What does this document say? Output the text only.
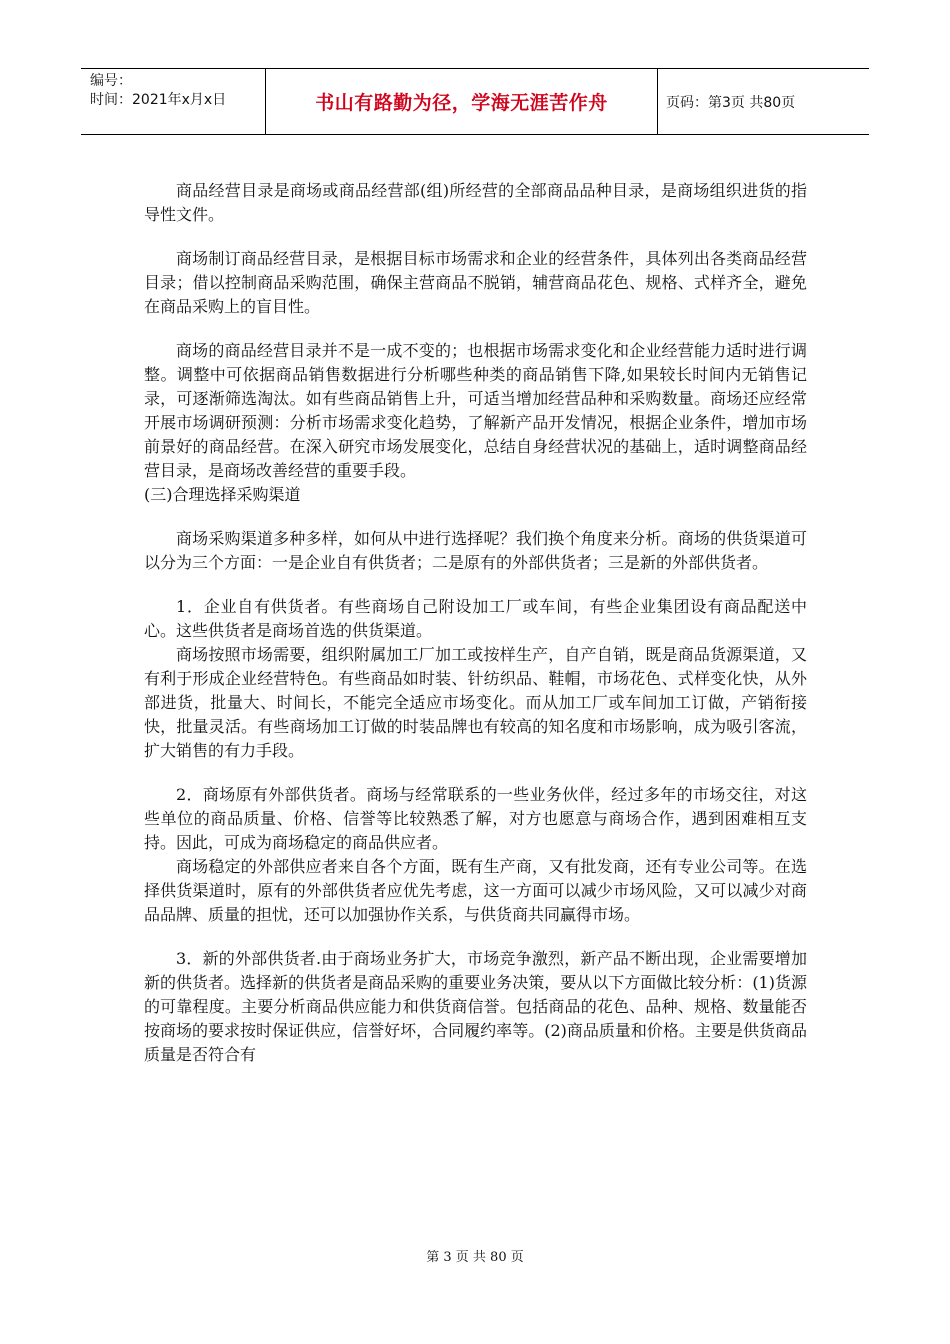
编号：
时间：2021年x月x日	书山有路勤为径，学海无涯苦作舟	页码：第3页 共80页

商品经营目录是商场或商品经营部(组)所经营的全部商品品种目录，是商场组织进货的指导性文件。

商场制订商品经营目录，是根据目标市场需求和企业的经营条件，具体列出各类商品经营目录；借以控制商品采购范围，确保主营商品不脱销，辅营商品花色、规格、式样齐全，避免在商品采购上的盲目性。

商场的商品经营目录并不是一成不变的；也根据市场需求变化和企业经营能力适时进行调整。调整中可依据商品销售数据进行分析哪些种类的商品销售下降,如果较长时间内无销售记录，可逐渐筛选淘汰。如有些商品销售上升，可适当增加经营品种和采购数量。商场还应经常开展市场调研预测：分析市场需求变化趋势，了解新产品开发情况，根据企业条件，增加市场前景好的商品经营。在深入研究市场发展变化，总结自身经营状况的基础上，适时调整商品经营目录，是商场改善经营的重要手段。

(三)合理选择采购渠道

商场采购渠道多种多样，如何从中进行选择呢？我们换个角度来分析。商场的供货渠道可以分为三个方面：一是企业自有供货者；二是原有的外部供货者；三是新的外部供货者。

1．企业自有供货者。有些商场自己附设加工厂或车间，有些企业集团设有商品配送中心。这些供货者是商场首选的供货渠道。

商场按照市场需要，组织附属加工厂加工或按样生产，自产自销，既是商品货源渠道，又有利于形成企业经营特色。有些商品如时装、针纺织品、鞋帽，市场花色、式样变化快，从外部进货，批量大、时间长，不能完全适应市场变化。而从加工厂或车间加工订做，产销衔接快，批量灵活。有些商场加工订做的时装品牌也有较高的知名度和市场影响，成为吸引客流，扩大销售的有力手段。

2．商场原有外部供货者。商场与经常联系的一些业务伙伴，经过多年的市场交往，对这些单位的商品质量、价格、信誉等比较熟悉了解，对方也愿意与商场合作，遇到困难相互支持。因此，可成为商场稳定的商品供应者。

商场稳定的外部供应者来自各个方面，既有生产商，又有批发商，还有专业公司等。在选择供货渠道时，原有的外部供货者应优先考虑，这一方面可以减少市场风险，又可以减少对商品品牌、质量的担忧，还可以加强协作关系，与供货商共同赢得市场。

3．新的外部供货者.由于商场业务扩大，市场竞争激烈，新产品不断出现，企业需要增加新的供货者。选择新的供货者是商品采购的重要业务决策，要从以下方面做比较分析：(1)货源的可靠程度。主要分析商品供应能力和供货商信誉。包括商品的花色、品种、规格、数量能否按商场的要求按时保证供应，信誉好坏，合同履约率等。(2)商品质量和价格。主要是供货商品质量是否符合有

第 3 页 共 80 页
